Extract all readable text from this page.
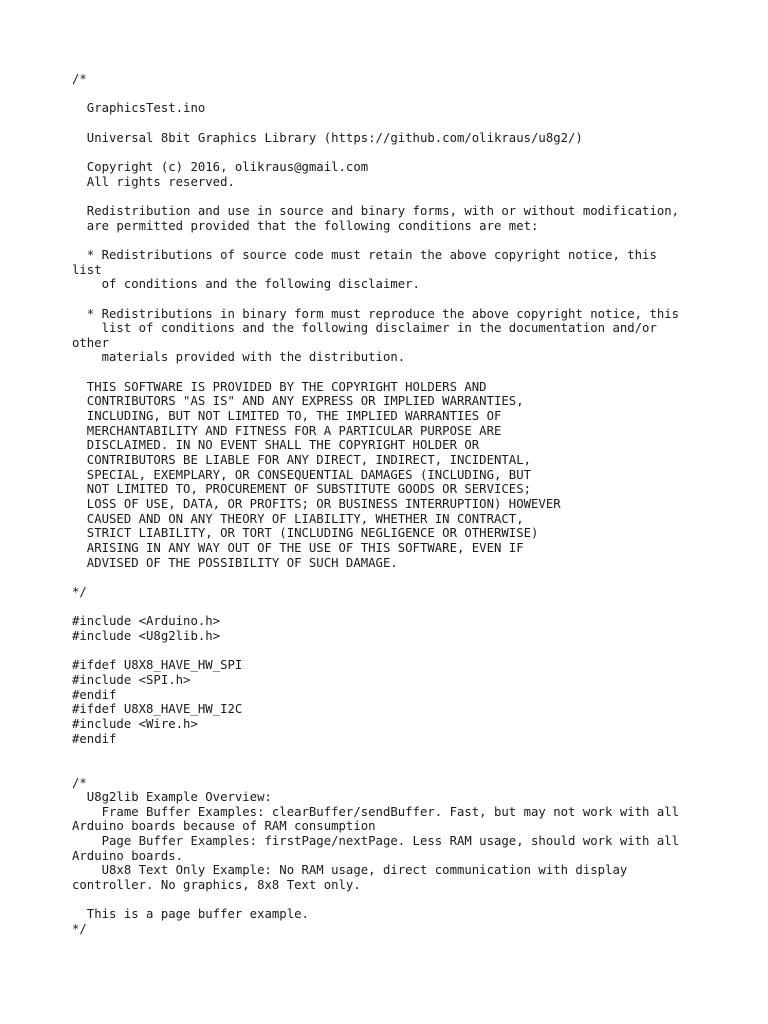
/*

GraphicsTest.ino

Universal 8bit Graphics Library (https://github.com/olikraus/u8g2/)

Copyright (c) 2016, olikraus@gmail.com
All rights reserved.

Redistribution and use in source and binary forms, with or without modification,
are permitted provided that the following conditions are met:

* Redistributions of source code must retain the above copyright notice, this
list
of conditions and the following disclaimer.

* Redistributions in binary form must reproduce the above copyright notice, this
list of conditions and the following disclaimer in the documentation and/or
other
materials provided with the distribution.

THIS SOFTWARE IS PROVIDED BY THE COPYRIGHT HOLDERS AND
CONTRIBUTORS "AS IS" AND ANY EXPRESS OR IMPLIED WARRANTIES,
INCLUDING, BUT NOT LIMITED TO, THE IMPLIED WARRANTIES OF
MERCHANTABILITY AND FITNESS FOR A PARTICULAR PURPOSE ARE
DISCLAIMED. IN NO EVENT SHALL THE COPYRIGHT HOLDER OR
CONTRIBUTORS BE LIABLE FOR ANY DIRECT, INDIRECT, INCIDENTAL,
SPECIAL, EXEMPLARY, OR CONSEQUENTIAL DAMAGES (INCLUDING, BUT
NOT LIMITED TO, PROCUREMENT OF SUBSTITUTE GOODS OR SERVICES;
LOSS OF USE, DATA, OR PROFITS; OR BUSINESS INTERRUPTION) HOWEVER
CAUSED AND ON ANY THEORY OF LIABILITY, WHETHER IN CONTRACT,
STRICT LIABILITY, OR TORT (INCLUDING NEGLIGENCE OR OTHERWISE)
ARISING IN ANY WAY OUT OF THE USE OF THIS SOFTWARE, EVEN IF
ADVISED OF THE POSSIBILITY OF SUCH DAMAGE.

*/

#include <Arduino.h>
#include <U8g2lib.h>

#ifdef U8X8_HAVE_HW_SPI
#include <SPI.h>
#endif
#ifdef U8X8_HAVE_HW_I2C
#include <Wire.h>
#endif

/*
U8g2lib Example Overview:
Frame Buffer Examples: clearBuffer/sendBuffer. Fast, but may not work with all
Arduino boards because of RAM consumption
Page Buffer Examples: firstPage/nextPage. Less RAM usage, should work with all
Arduino boards.
U8x8 Text Only Example: No RAM usage, direct communication with display
controller. No graphics, 8x8 Text only.

This is a page buffer example.
*/
